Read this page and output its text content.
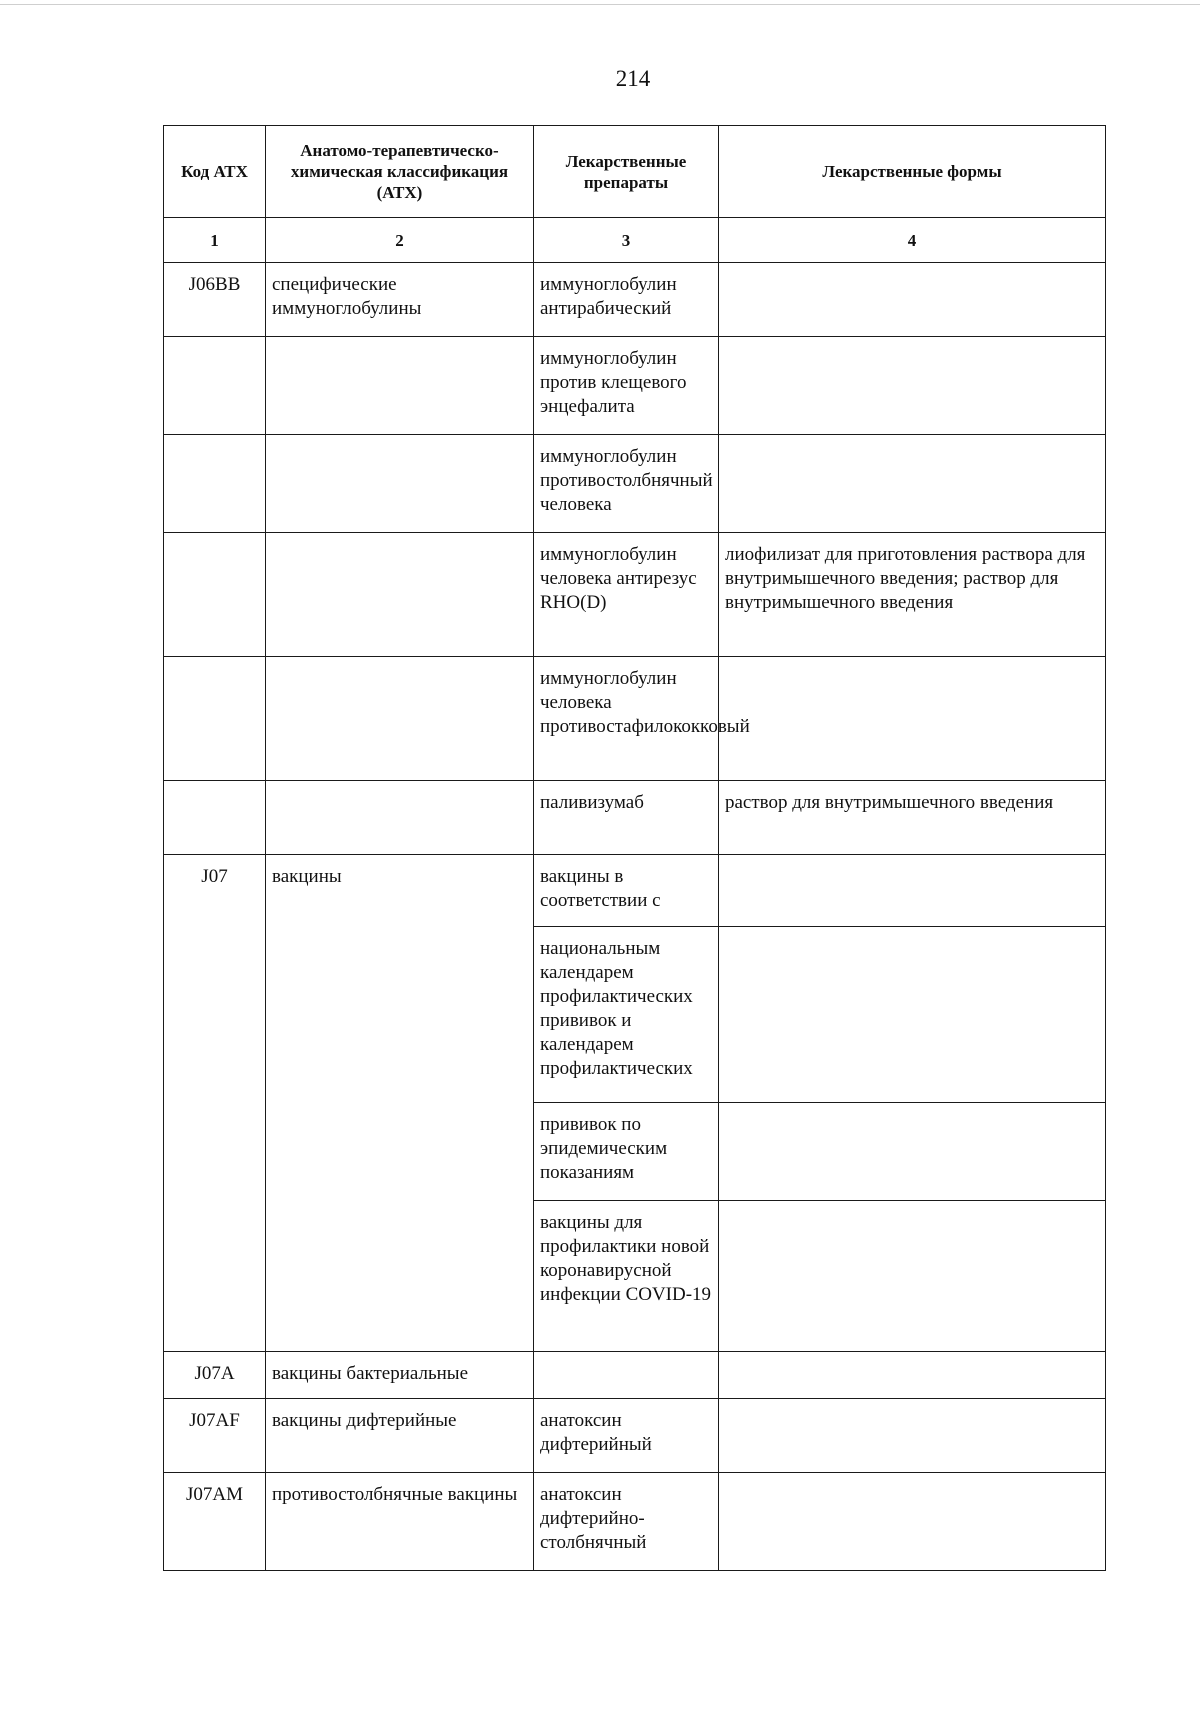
214
Код АТХ	Анатомо-терапевтическо-химическая классификация (АТХ)	Лекарственные препараты	Лекарственные формы
1	2	3	4
J06BB	специфические иммуноглобулины	иммуноглобулин антирабический	
		иммуноглобулин против клещевого энцефалита	
		иммуноглобулин противостолбнячный человека	
		иммуноглобулин человека антирезус RHO(D)	лиофилизат для приготовления раствора для внутримышечного введения; раствор для внутримышечного введения
		иммуноглобулин человека противостафилококковый	
		паливизумаб	раствор для внутримышечного введения
J07	вакцины	вакцины в соответствии с	
		национальным календарем профилактических прививок и календарем профилактических	
		прививок по эпидемическим показаниям	
		вакцины для профилактики новой коронавирусной инфекции COVID-19	
J07A	вакцины бактериальные		
J07AF	вакцины дифтерийные	анатоксин дифтерийный	
J07AM	противостолбнячные вакцины	анатоксин дифтерийно-столбнячный	
